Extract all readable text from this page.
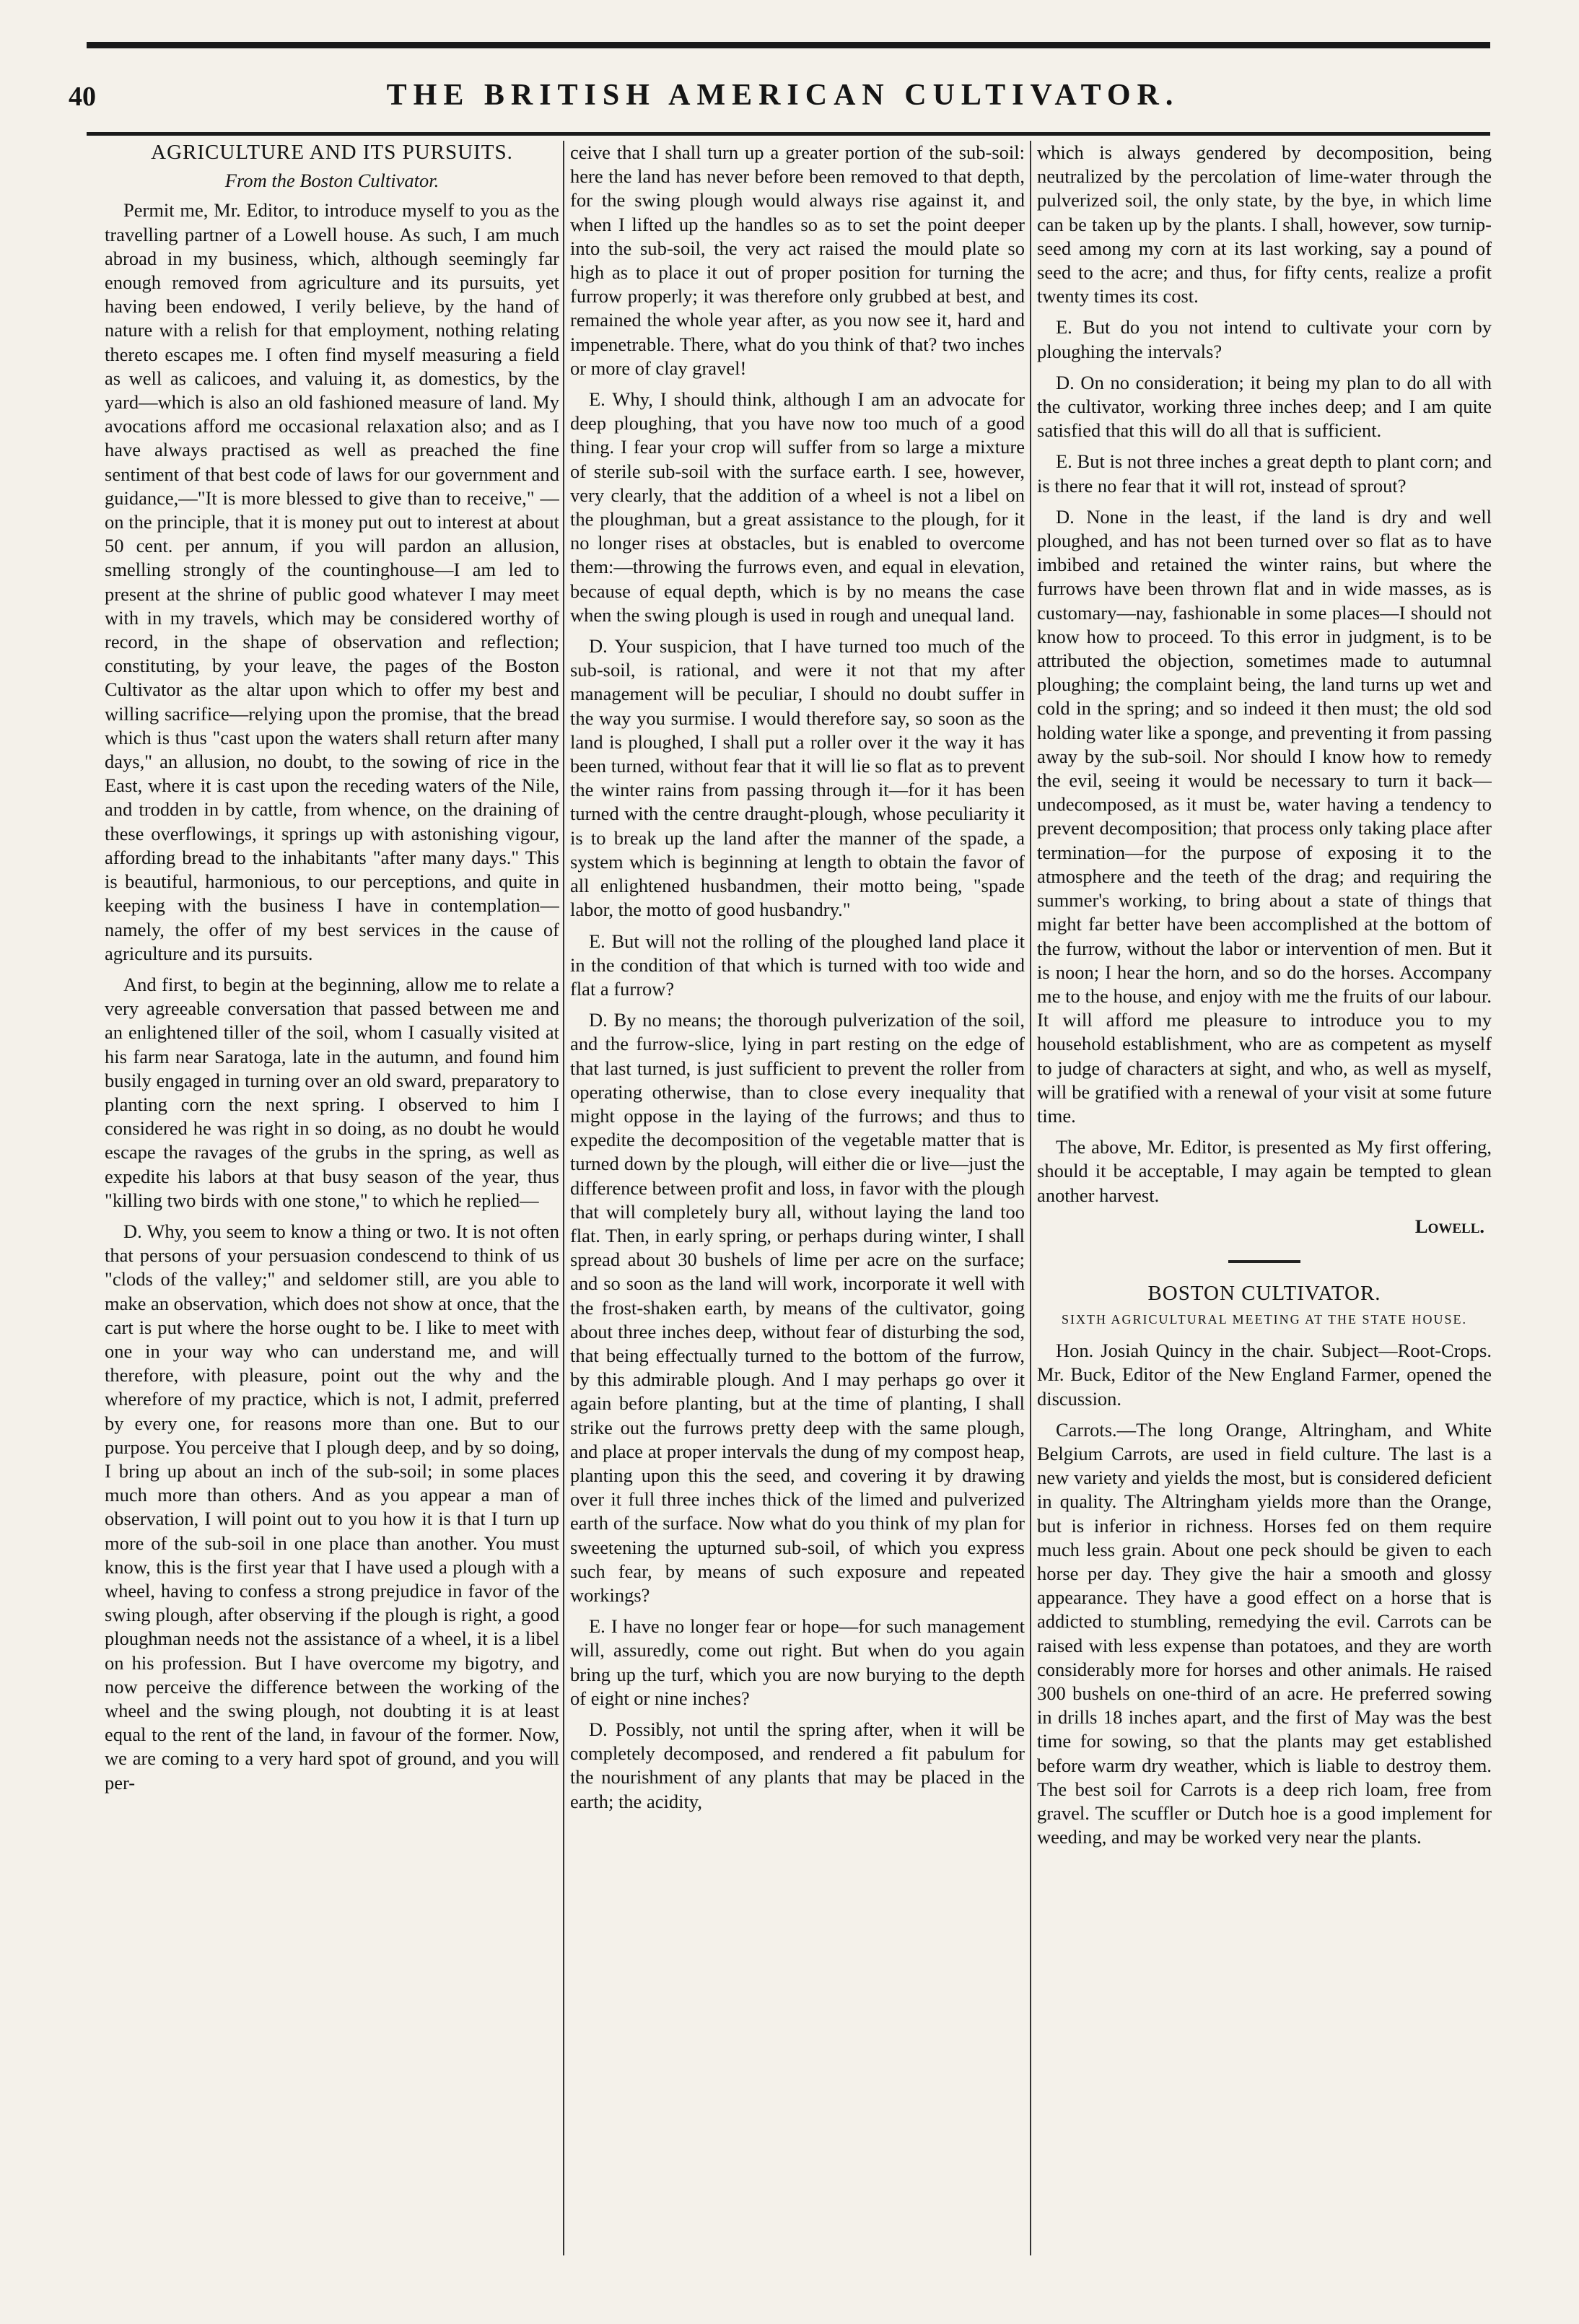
40	THE BRITISH AMERICAN CULTIVATOR.
AGRICULTURE AND ITS PURSUITS.
From the Boston Cultivator.

Permit me, Mr. Editor, to introduce myself to you as the travelling partner of a Lowell house. As such, I am much abroad in my business, which, although seemingly far enough removed from agriculture and its pursuits, yet having been endowed, I verily believe, by the hand of nature with a relish for that employment, nothing relating thereto escapes me. I often find myself measuring a field as well as calicoes, and valuing it, as domestics, by the yard—which is also an old fashioned measure of land. My avocations afford me occasional relaxation also; and as I have always practised as well as preached the fine sentiment of that best code of laws for our government and guidance,—"It is more blessed to give than to receive," —on the principle, that it is money put out to interest at about 50 cent. per annum, if you will pardon an allusion, smelling strongly of the countinghouse—I am led to present at the shrine of public good whatever I may meet with in my travels, which may be considered worthy of record, in the shape of observation and reflection; constituting, by your leave, the pages of the Boston Cultivator as the altar upon which to offer my best and willing sacrifice—relying upon the promise, that the bread which is thus "cast upon the waters shall return after many days," an allusion, no doubt, to the sowing of rice in the East, where it is cast upon the receding waters of the Nile, and trodden in by cattle, from whence, on the draining of these overflowings, it springs up with astonishing vigour, affording bread to the inhabitants "after many days." This is beautiful, harmonious, to our perceptions, and quite in keeping with the business I have in contemplation—namely, the offer of my best services in the cause of agriculture and its pursuits.

And first, to begin at the beginning, allow me to relate a very agreeable conversation that passed between me and an enlightened tiller of the soil, whom I casually visited at his farm near Saratoga, late in the autumn, and found him busily engaged in turning over an old sward, preparatory to planting corn the next spring. I observed to him I considered he was right in so doing, as no doubt he would escape the ravages of the grubs in the spring, as well as expedite his labors at that busy season of the year, thus "killing two birds with one stone," to which he replied—

D. Why, you seem to know a thing or two. It is not often that persons of your persuasion condescend to think of us "clods of the valley;" and seldomer still, are you able to make an observation, which does not show at once, that the cart is put where the horse ought to be. I like to meet with one in your way who can understand me, and will therefore, with pleasure, point out the why and the wherefore of my practice, which is not, I admit, preferred by every one, for reasons more than one. But to our purpose. You perceive that I plough deep, and by so doing, I bring up about an inch of the sub-soil; in some places much more than others. And as you appear a man of observation, I will point out to you how it is that I turn up more of the sub-soil in one place than another. You must know, this is the first year that I have used a plough with a wheel, having to confess a strong prejudice in favor of the swing plough, after observing if the plough is right, a good ploughman needs not the assistance of a wheel, it is a libel on his profession. But I have overcome my bigotry, and now perceive the difference between the working of the wheel and the swing plough, not doubting it is at least equal to the rent of the land, in favour of the former. Now, we are coming to a very hard spot of ground, and you will per-

ceive that I shall turn up a greater portion of the sub-soil: here the land has never before been removed to that depth, for the swing plough would always rise against it, and when I lifted up the handles so as to set the point deeper into the sub-soil, the very act raised the mould plate so high as to place it out of proper position for turning the furrow properly; it was therefore only grubbed at best, and remained the whole year after, as you now see it, hard and impenetrable. There, what do you think of that? two inches or more of clay gravel!

E. Why, I should think, although I am an advocate for deep ploughing, that you have now too much of a good thing. I fear your crop will suffer from so large a mixture of sterile sub-soil with the surface earth. I see, however, very clearly, that the addition of a wheel is not a libel on the ploughman, but a great assistance to the plough, for it no longer rises at obstacles, but is enabled to overcome them:—throwing the furrows even, and equal in elevation, because of equal depth, which is by no means the case when the swing plough is used in rough and unequal land.

D. Your suspicion, that I have turned too much of the sub-soil, is rational, and were it not that my after management will be peculiar, I should no doubt suffer in the way you surmise. I would therefore say, so soon as the land is ploughed, I shall put a roller over it the way it has been turned, without fear that it will lie so flat as to prevent the winter rains from passing through it—for it has been turned with the centre draught-plough, whose peculiarity it is to break up the land after the manner of the spade, a system which is beginning at length to obtain the favor of all enlightened husbandmen, their motto being, "spade labor, the motto of good husbandry."

E. But will not the rolling of the ploughed land place it in the condition of that which is turned with too wide and flat a furrow?

D. By no means; the thorough pulverization of the soil, and the furrow-slice, lying in part resting on the edge of that last turned, is just sufficient to prevent the roller from operating otherwise, than to close every inequality that might oppose in the laying of the furrows; and thus to expedite the decomposition of the vegetable matter that is turned down by the plough, will either die or live—just the difference between profit and loss, in favor with the plough that will completely bury all, without laying the land too flat. Then, in early spring, or perhaps during winter, I shall spread about 30 bushels of lime per acre on the surface; and so soon as the land will work, incorporate it well with the frost-shaken earth, by means of the cultivator, going about three inches deep, without fear of disturbing the sod, that being effectually turned to the bottom of the furrow, by this admirable plough. And I may perhaps go over it again before planting, but at the time of planting, I shall strike out the furrows pretty deep with the same plough, and place at proper intervals the dung of my compost heap, planting upon this the seed, and covering it by drawing over it full three inches thick of the limed and pulverized earth of the surface. Now what do you think of my plan for sweetening the upturned sub-soil, of which you express such fear, by means of such exposure and repeated workings?

E. I have no longer fear or hope—for such management will, assuredly, come out right. But when do you again bring up the turf, which you are now burying to the depth of eight or nine inches?

D. Possibly, not until the spring after, when it will be completely decomposed, and rendered a fit pabulum for the nourishment of any plants that may be placed in the earth; the acidity,

which is always gendered by decomposition, being neutralized by the percolation of lime-water through the pulverized soil, the only state, by the bye, in which lime can be taken up by the plants. I shall, however, sow turnip-seed among my corn at its last working, say a pound of seed to the acre; and thus, for fifty cents, realize a profit twenty times its cost.

E. But do you not intend to cultivate your corn by ploughing the intervals?

D. On no consideration; it being my plan to do all with the cultivator, working three inches deep; and I am quite satisfied that this will do all that is sufficient.

E. But is not three inches a great depth to plant corn; and is there no fear that it will rot, instead of sprout?

D. None in the least, if the land is dry and well ploughed, and has not been turned over so flat as to have imbibed and retained the winter rains, but where the furrows have been thrown flat and in wide masses, as is customary—nay, fashionable in some places—I should not know how to proceed. To this error in judgment, is to be attributed the objection, sometimes made to autumnal ploughing; the complaint being, the land turns up wet and cold in the spring; and so indeed it then must; the old sod holding water like a sponge, and preventing it from passing away by the sub-soil. Nor should I know how to remedy the evil, seeing it would be necessary to turn it back—undecomposed, as it must be, water having a tendency to prevent decomposition; that process only taking place after termination—for the purpose of exposing it to the atmosphere and the teeth of the drag; and requiring the summer's working, to bring about a state of things that might far better have been accomplished at the bottom of the furrow, without the labor or intervention of men. But it is noon; I hear the horn, and so do the horses. Accompany me to the house, and enjoy with me the fruits of our labour. It will afford me pleasure to introduce you to my household establishment, who are as competent as myself to judge of characters at sight, and who, as well as myself, will be gratified with a renewal of your visit at some future time.

The above, Mr. Editor, is presented as My first offering, should it be acceptable, I may again be tempted to glean another harvest.

Lowell.
BOSTON CULTIVATOR.
SIXTH AGRICULTURAL MEETING AT THE STATE HOUSE.

Hon. Josiah Quincy in the chair. Subject—Root-Crops. Mr. Buck, Editor of the New England Farmer, opened the discussion.

Carrots.—The long Orange, Altringham, and White Belgium Carrots, are used in field culture. The last is a new variety and yields the most, but is considered deficient in quality. The Altringham yields more than the Orange, but is inferior in richness. Horses fed on them require much less grain. About one peck should be given to each horse per day. They give the hair a smooth and glossy appearance. They have a good effect on a horse that is addicted to stumbling, remedying the evil. Carrots can be raised with less expense than potatoes, and they are worth considerably more for horses and other animals. He raised 300 bushels on one-third of an acre. He preferred sowing in drills 18 inches apart, and the first of May was the best time for sowing, so that the plants may get established before warm dry weather, which is liable to destroy them. The best soil for Carrots is a deep rich loam, free from gravel. The scuffler or Dutch hoe is a good implement for weeding, and may be worked very near the plants.
